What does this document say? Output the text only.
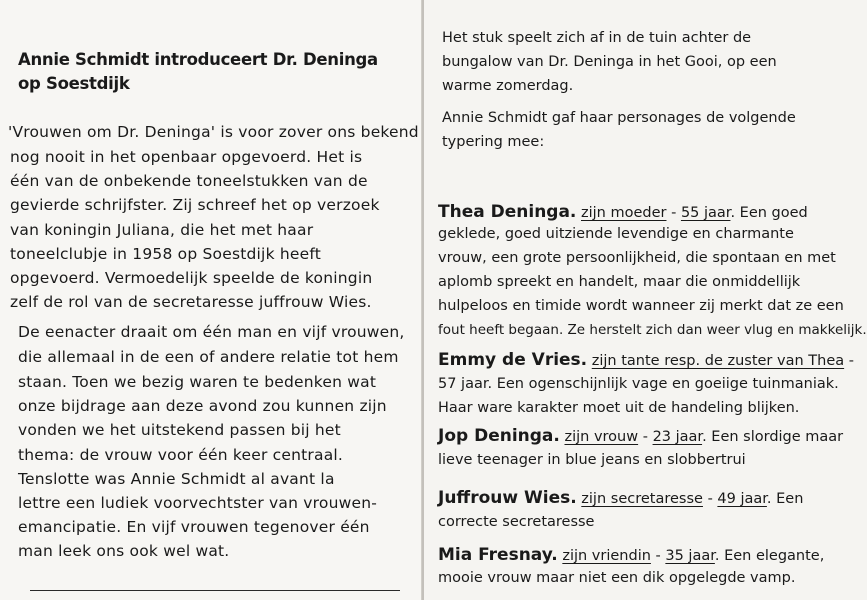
Annie Schmidt introduceert Dr. Deninga
op Soestdijk

'Vrouwen om Dr. Deninga' is voor zover ons bekend

nog nooit in het openbaar opgevoerd. Het is

één van de onbekende toneelstukken van de

gevierde schrijfster. Zij schreef het op verzoek

van koningin Juliana, die het met haar

toneelclubje in 1958 op Soestdijk heeft

opgevoerd. Vermoedelijk speelde de koningin

zelf de rol van de secretaresse juffrouw Wies.

De eenacter draait om één man en vijf vrouwen,

die allemaal in de een of andere relatie tot hem

staan. Toen we bezig waren te bedenken wat

onze bijdrage aan deze avond zou kunnen zijn

vonden we het uitstekend passen bij het

thema: de vrouw voor één keer centraal.

Tenslotte was Annie Schmidt al avant la

lettre een ludiek voorvechtster van vrouwen-

emancipatie. En vijf vrouwen tegenover één

man leek ons ook wel wat.

Het stuk speelt zich af in de tuin achter de

bungalow van Dr. Deninga in het Gooi, op een

warme zomerdag.

Annie Schmidt gaf haar personages de volgende

typering mee:

Thea Deninga. zijn moeder - 55 jaar. Een goed

geklede, goed uitziende levendige en charmante

vrouw, een grote persoonlijkheid, die spontaan en met

aplomb spreekt en handelt, maar die onmiddellijk

hulpeloos en timide wordt wanneer zij merkt dat ze een

fout heeft begaan. Ze herstelt zich dan weer vlug en makkelijk.

Emmy de Vries. zijn tante resp. de zuster van Thea -

57 jaar. Een ogenschijnlijk vage en goeiige tuinmaniak.

Haar ware karakter moet uit de handeling blijken.

Jop Deninga. zijn vrouw - 23 jaar. Een slordige maar

lieve teenager in blue jeans en slobbertrui

Juffrouw Wies. zijn secretaresse - 49 jaar. Een

correcte secretaresse

Mia Fresnay. zijn vriendin - 35 jaar. Een elegante,

mooie vrouw maar niet een dik opgelegde vamp.
